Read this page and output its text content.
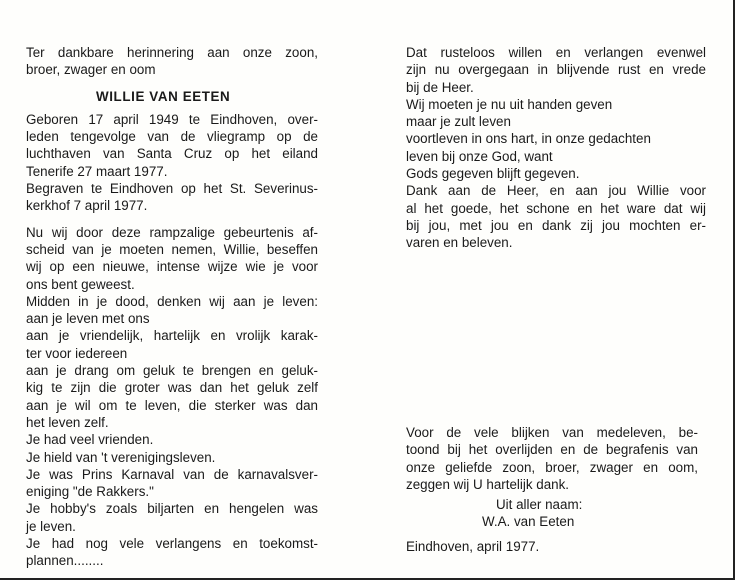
Ter dankbare herinnering aan onze zoon,
broer, zwager en oom
WILLIE VAN EETEN
Geboren 17 april 1949 te Eindhoven, over-
leden tengevolge van de vliegramp op de
luchthaven van Santa Cruz op het eiland
Tenerife 27 maart 1977.
Begraven te Eindhoven op het St. Severinus-
kerkhof 7 april 1977.
Nu wij door deze rampzalige gebeurtenis af-
scheid van je moeten nemen, Willie, beseffen
wij op een nieuwe, intense wijze wie je voor
ons bent geweest.
Midden in je dood, denken wij aan je leven:
aan je leven met ons
aan je vriendelijk, hartelijk en vrolijk karak-
ter voor iedereen
aan je drang om geluk te brengen en geluk-
kig te zijn die groter was dan het geluk zelf
aan je wil om te leven, die sterker was dan
het leven zelf.
Je had veel vrienden.
Je hield van 't verenigingsleven.
Je was Prins Karnaval van de karnavalsver-
eniging "de Rakkers."
Je hobby's zoals biljarten en hengelen was
je leven.
Je had nog vele verlangens en toekomst-
plannen........
Dat rusteloos willen en verlangen evenwel
zijn nu overgegaan in blijvende rust en vrede
bij de Heer.
Wij moeten je nu uit handen geven
maar je zult leven
voortleven in ons hart, in onze gedachten
leven bij onze God, want
Gods gegeven blijft gegeven.
Dank aan de Heer, en aan jou Willie voor
al het goede, het schone en het ware dat wij
bij jou, met jou en dank zij jou mochten er-
varen en beleven.
Voor de vele blijken van medeleven, be-
toond bij het overlijden en de begrafenis van
onze geliefde zoon, broer, zwager en oom,
zeggen wij U hartelijk dank.
Uit aller naam:
W.A. van Eeten
Eindhoven, april 1977.
